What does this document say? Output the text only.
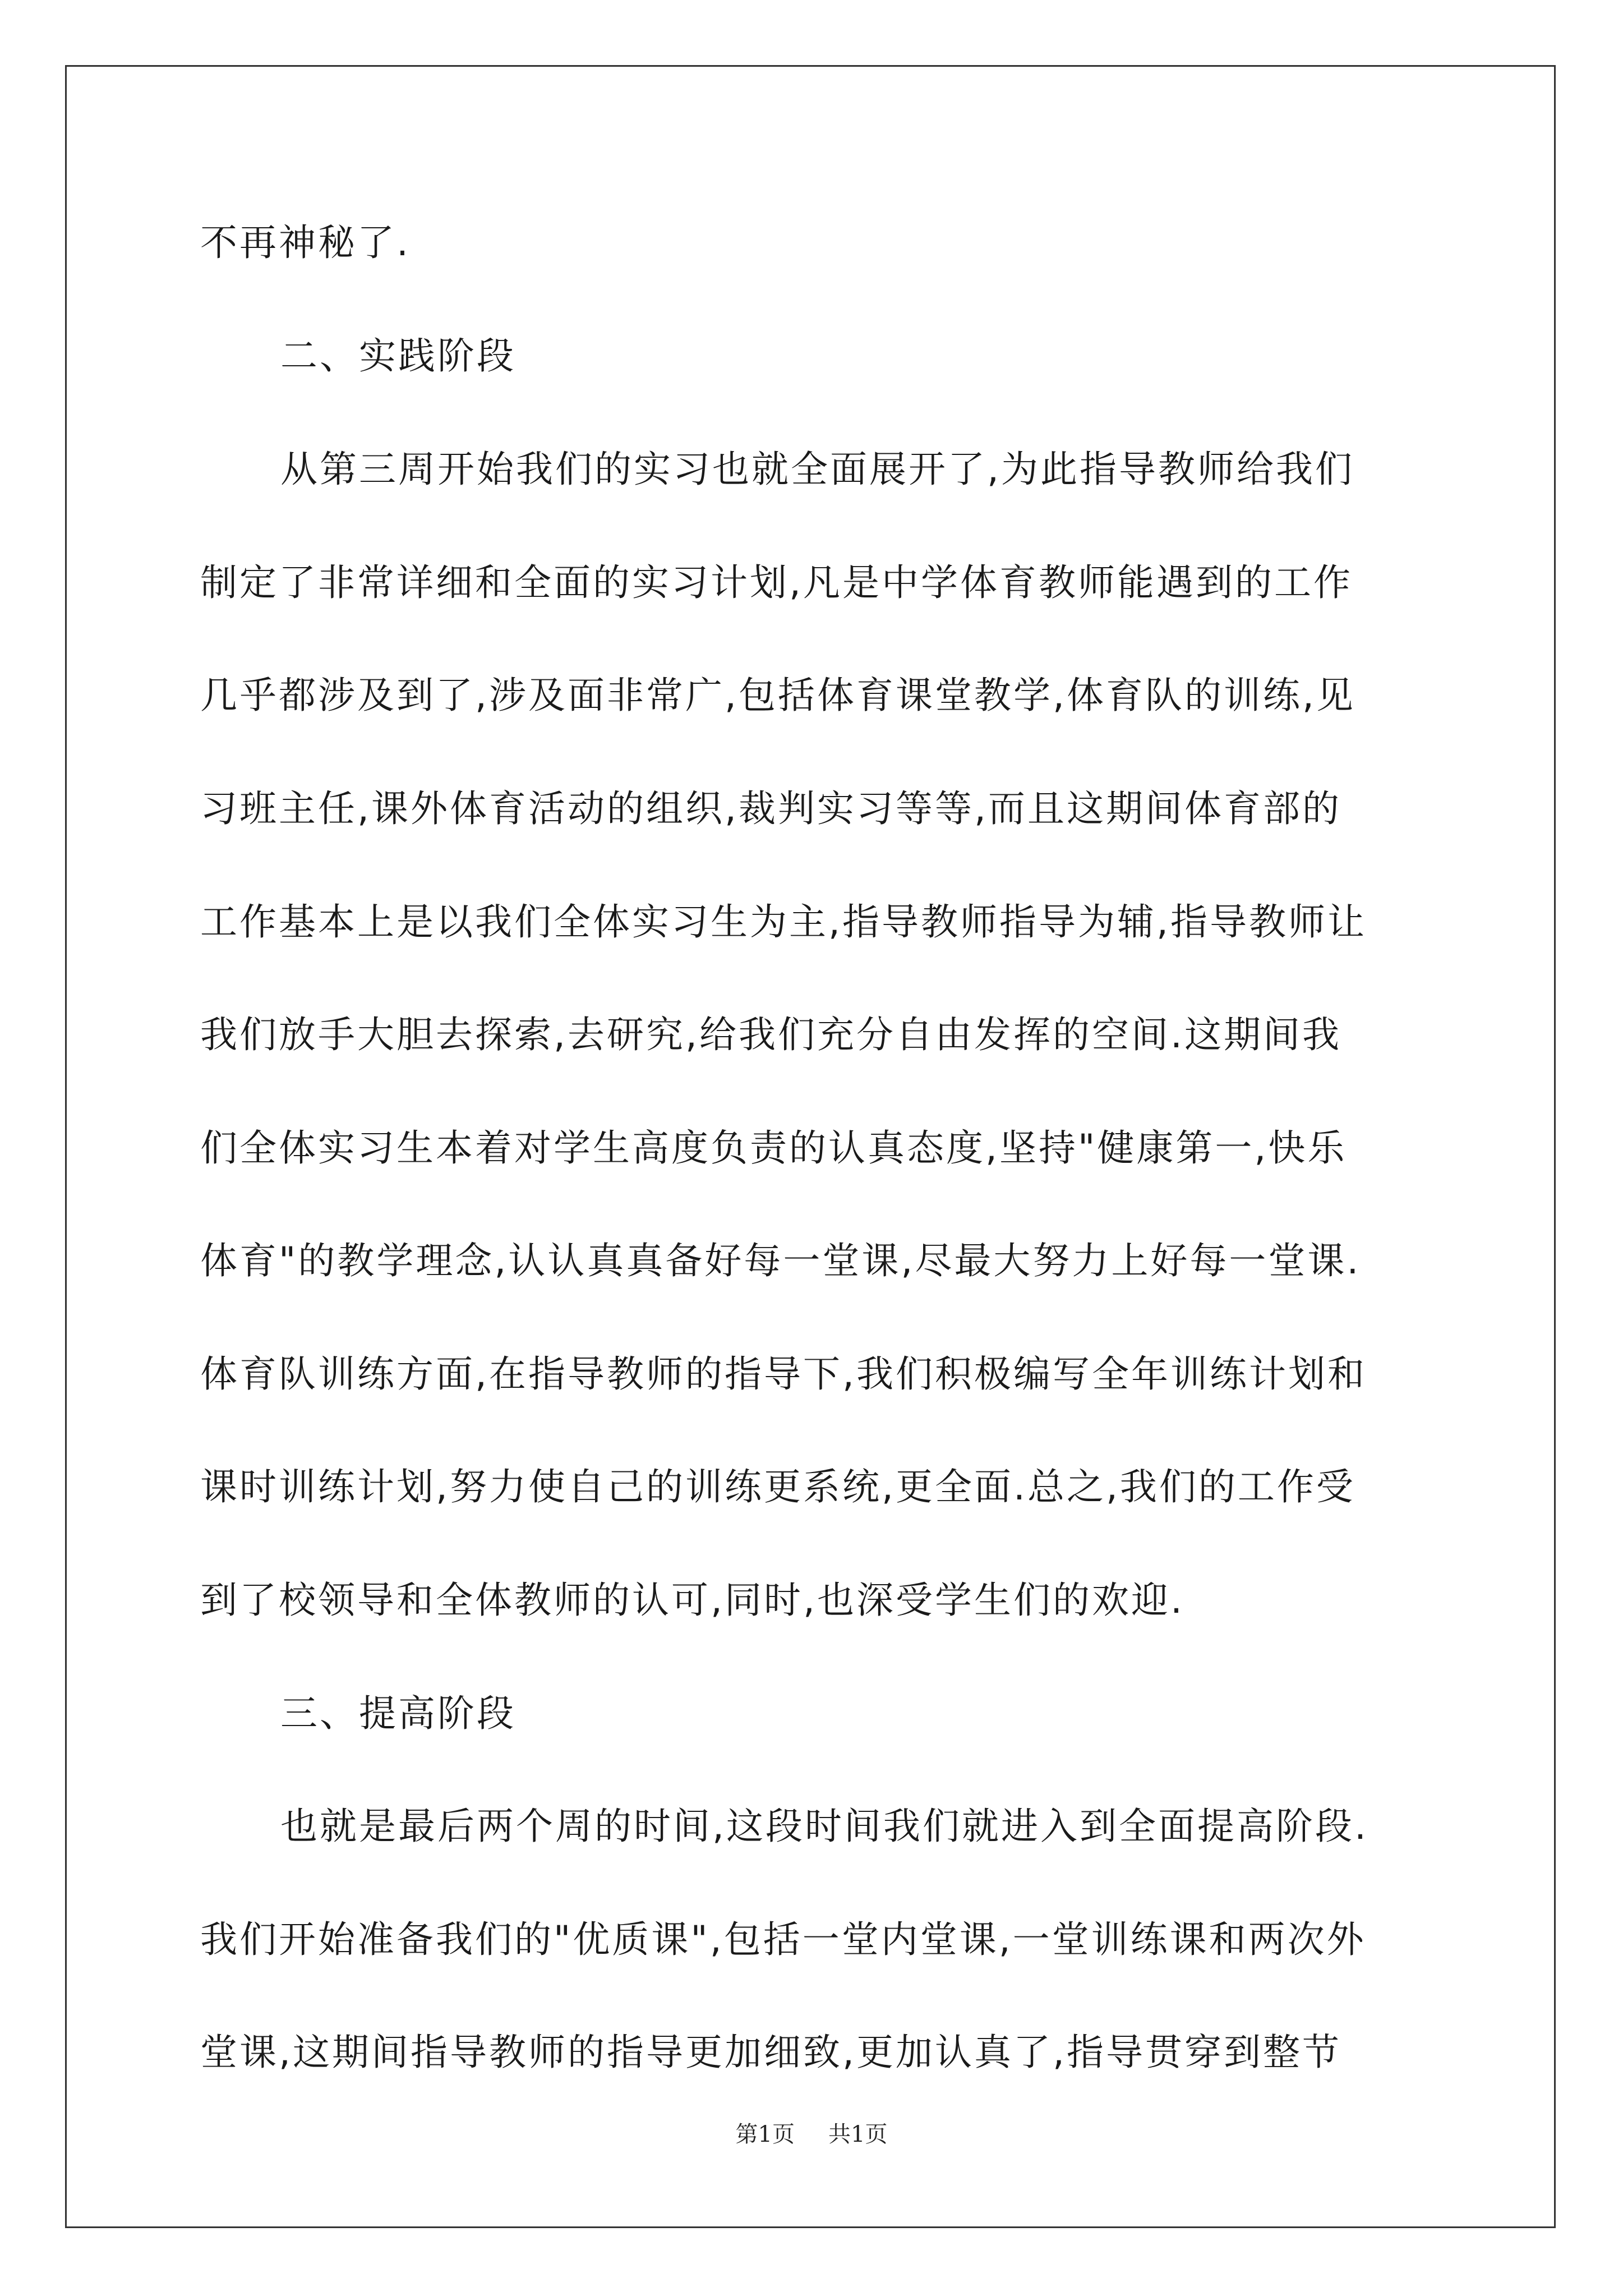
不再神秘了.
二、实践阶段
从第三周开始我们的实习也就全面展开了,为此指导教师给我们
制定了非常详细和全面的实习计划,凡是中学体育教师能遇到的工作
几乎都涉及到了,涉及面非常广,包括体育课堂教学,体育队的训练,见
习班主任,课外体育活动的组织,裁判实习等等,而且这期间体育部的
工作基本上是以我们全体实习生为主,指导教师指导为辅,指导教师让
我们放手大胆去探索,去研究,给我们充分自由发挥的空间.这期间我
们全体实习生本着对学生高度负责的认真态度,坚持"健康第一,快乐
体育"的教学理念,认认真真备好每一堂课,尽最大努力上好每一堂课.
体育队训练方面,在指导教师的指导下,我们积极编写全年训练计划和
课时训练计划,努力使自己的训练更系统,更全面.总之,我们的工作受
到了校领导和全体教师的认可,同时,也深受学生们的欢迎.
三、提高阶段
也就是最后两个周的时间,这段时间我们就进入到全面提高阶段.
我们开始准备我们的"优质课",包括一堂内堂课,一堂训练课和两次外
堂课,这期间指导教师的指导更加细致,更加认真了,指导贯穿到整节
第1页 共1页
